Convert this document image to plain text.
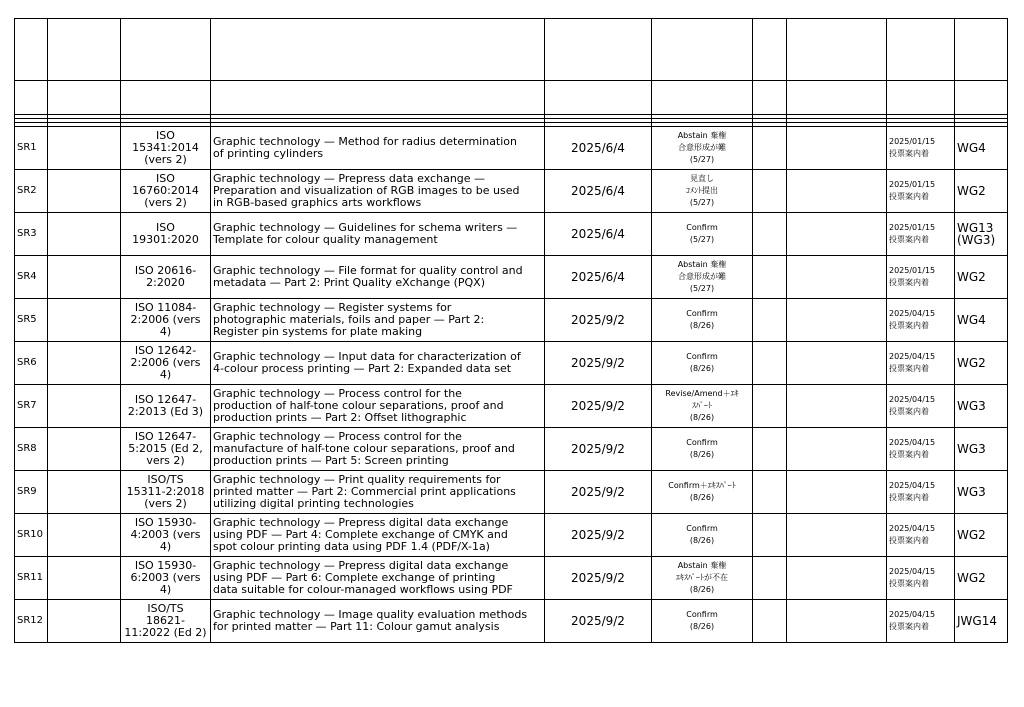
SR1		ISO
15341:2014
(vers 2)	Graphic technology — Method for radius determination
of printing cylinders	2025/6/4	Abstain 棄権
合意形成が難
(5/27)			2025/01/15
投票案内着	WG4
SR2		ISO
16760:2014
(vers 2)	Graphic technology — Prepress data exchange —
Preparation and visualization of RGB images to be used
in RGB-based graphics arts workflows	2025/6/4	見直し
ｺﾒﾝﾄ提出
(5/27)			2025/01/15
投票案内着	WG2
SR3		ISO
19301:2020	Graphic technology — Guidelines for schema writers —
Template for colour quality management	2025/6/4	Confirm
(5/27)			2025/01/15
投票案内着	WG13
(WG3)
SR4		ISO 20616-
2:2020	Graphic technology — File format for quality control and
metadata — Part 2: Print Quality eXchange (PQX)	2025/6/4	Abstain 棄権
合意形成が難
(5/27)			2025/01/15
投票案内着	WG2
SR5		ISO 11084-
2:2006 (vers
4)	Graphic technology — Register systems for
photographic materials, foils and paper — Part 2:
Register pin systems for plate making	2025/9/2	Confirm
(8/26)			2025/04/15
投票案内着	WG4
SR6		ISO 12642-
2:2006 (vers
4)	Graphic technology — Input data for characterization of
4-colour process printing — Part 2: Expanded data set	2025/9/2	Confirm
(8/26)			2025/04/15
投票案内着	WG2
SR7		ISO 12647-
2:2013 (Ed 3)	Graphic technology — Process control for the
production of half-tone colour separations, proof and
production prints — Part 2: Offset lithographic	2025/9/2	Revise/Amend＋ｴｷ
ｽﾊﾟｰﾄ
(8/26)			2025/04/15
投票案内着	WG3
SR8		ISO 12647-
5:2015 (Ed 2,
vers 2)	Graphic technology — Process control for the
manufacture of half-tone colour separations, proof and
production prints — Part 5: Screen printing	2025/9/2	Confirm
(8/26)			2025/04/15
投票案内着	WG3
SR9		ISO/TS
15311-2:2018
(vers 2)	Graphic technology — Print quality requirements for
printed matter — Part 2: Commercial print applications
utilizing digital printing technologies	2025/9/2	Confirm＋ｴｷｽﾊﾟｰﾄ
(8/26)			2025/04/15
投票案内着	WG3
SR10		ISO 15930-
4:2003 (vers
4)	Graphic technology — Prepress digital data exchange
using PDF — Part 4: Complete exchange of CMYK and
spot colour printing data using PDF 1.4 (PDF/X-1a)	2025/9/2	Confirm
(8/26)			2025/04/15
投票案内着	WG2
SR11		ISO 15930-
6:2003 (vers
4)	Graphic technology — Prepress digital data exchange
using PDF — Part 6: Complete exchange of printing
data suitable for colour-managed workflows using PDF	2025/9/2	Abstain 棄権
ｴｷｽﾊﾟｰﾄが不在
(8/26)			2025/04/15
投票案内着	WG2
SR12		ISO/TS
18621-
11:2022 (Ed 2)	Graphic technology — Image quality evaluation methods
for printed matter — Part 11: Colour gamut analysis	2025/9/2	Confirm
(8/26)			2025/04/15
投票案内着	JWG14
